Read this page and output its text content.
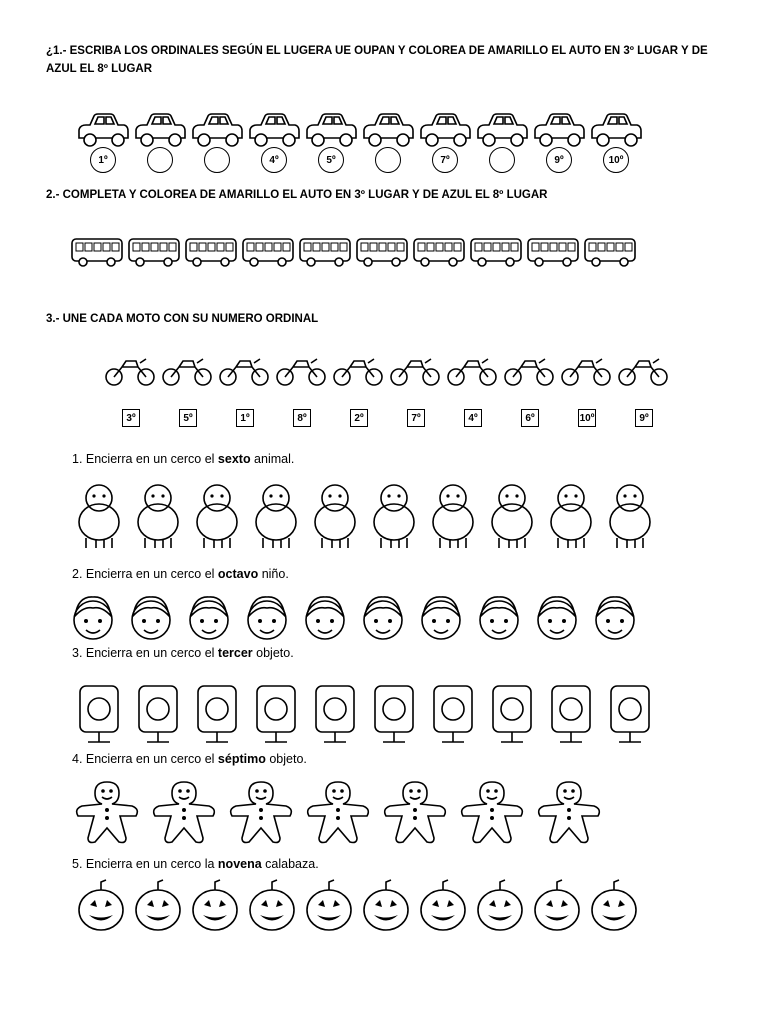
¿1.- ESCRIBA LOS ORDINALES SEGÚN EL LUGERA UE OUPAN Y COLOREA DE AMARILLO EL AUTO EN 3º LUGAR Y DE
AZUL EL 8º LUGAR
1º	4º	5º	7º	9º	10º
2.- COMPLETA Y COLOREA DE AMARILLO EL AUTO EN 3º LUGAR Y DE AZUL EL 8º LUGAR
3.- UNE CADA MOTO CON SU NUMERO ORDINAL
3º	5º	1º	8º	2º	7º	4º	6º	10º	9º
1. Encierra en un cerco el sexto animal.
2. Encierra en un cerco el octavo niño.
3. Encierra en un cerco el tercer objeto.
4. Encierra en un cerco el séptimo objeto.
5. Encierra en un cerco la novena calabaza.
